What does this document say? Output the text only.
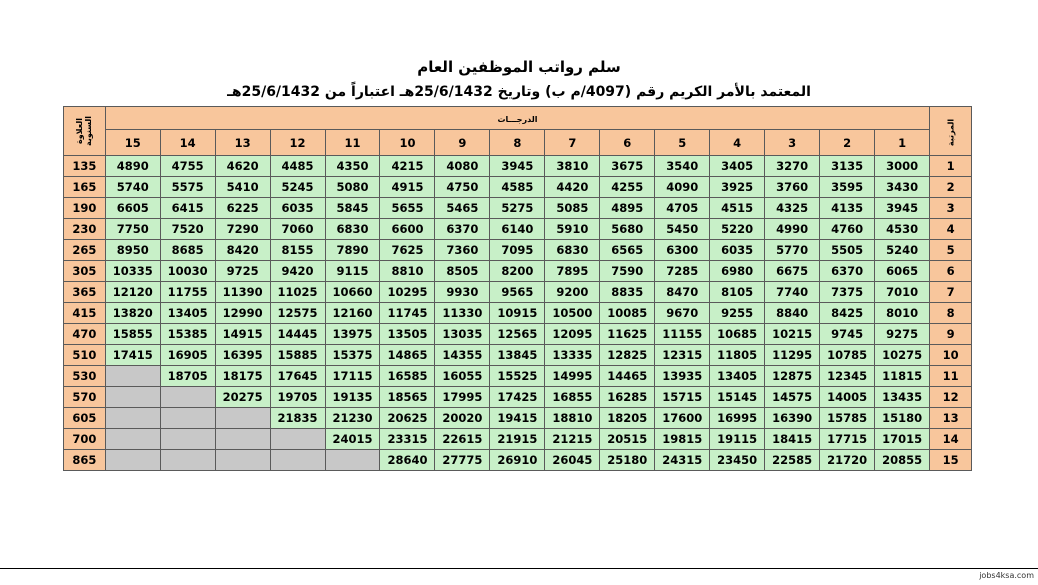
سلم رواتب الموظفين العام
المعتمد بالأمر الكريم رقم (4097/م ب) وتاريخ 25/6/1432هـ اعتباراً من 25/6/1432هـ
العلاوة السنوية	الدرجـــات															المرتبة
	15	14	13	12	11	10	9	8	7	6	5	4	3	2	1	
135	4890	4755	4620	4485	4350	4215	4080	3945	3810	3675	3540	3405	3270	3135	3000	1
165	5740	5575	5410	5245	5080	4915	4750	4585	4420	4255	4090	3925	3760	3595	3430	2
190	6605	6415	6225	6035	5845	5655	5465	5275	5085	4895	4705	4515	4325	4135	3945	3
230	7750	7520	7290	7060	6830	6600	6370	6140	5910	5680	5450	5220	4990	4760	4530	4
265	8950	8685	8420	8155	7890	7625	7360	7095	6830	6565	6300	6035	5770	5505	5240	5
305	10335	10030	9725	9420	9115	8810	8505	8200	7895	7590	7285	6980	6675	6370	6065	6
365	12120	11755	11390	11025	10660	10295	9930	9565	9200	8835	8470	8105	7740	7375	7010	7
415	13820	13405	12990	12575	12160	11745	11330	10915	10500	10085	9670	9255	8840	8425	8010	8
470	15855	15385	14915	14445	13975	13505	13035	12565	12095	11625	11155	10685	10215	9745	9275	9
510	17415	16905	16395	15885	15375	14865	14355	13845	13335	12825	12315	11805	11295	10785	10275	10
530		18705	18175	17645	17115	16585	16055	15525	14995	14465	13935	13405	12875	12345	11815	11
570			20275	19705	19135	18565	17995	17425	16855	16285	15715	15145	14575	14005	13435	12
605				21835	21230	20625	20020	19415	18810	18205	17600	16995	16390	15785	15180	13
700					24015	23315	22615	21915	21215	20515	19815	19115	18415	17715	17015	14
865						28640	27775	26910	26045	25180	24315	23450	22585	21720	20855	15
jobs4ksa.com
